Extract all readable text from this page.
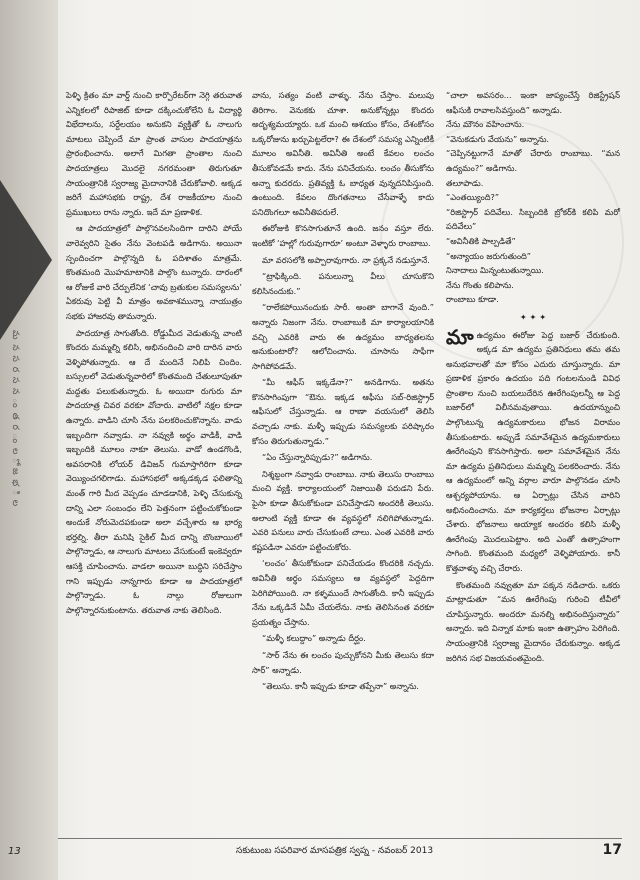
మ న స ర స న ం త ర ం ల ో జ భ ి ల

పెళ్ళి క్రితం మా వార్డ్ నుంచి కార్పొరేటర్‌గా నెగ్గి తరువాత ఎన్నికలలో రిపాజిట్ కూడా దక్కించుకోలేని ఓ విద్యార్థి విభేదాలను, సర్దేలయం అనుకని వ్యక్తితో ఓ నాలుగు మాటలు చెప్పిందే మా ప్రాంత వాసుల పాదయాత్రను ప్రారంభించాను. అలాగే మిగతా ప్రాంతాల నుంచి పాదయాత్రలు మొదలై నగరమంతా తిరుగుతూ సాయంత్రానికి స్వరాజ్య మైదానానికి చేరుకోవాలి. అక్కడ జరిగే మహాసభకు రాష్ట్ర, దేశ రాజకీయాల నుంచి ప్రముఖులు రాను న్నారు. ఇదే మా ప్రణాళిక.

ఆ పాదయాత్రలో పాల్గొనవలసిందిగా దారిని పోయే వారెవ్వరిని సైతం నేను వెంటపడి అడిగాను. అయినా స్పందించగా పాల్గొన్నది ఓ పదిశాతం మాత్రమే. కొంతమంది మొహమాటానికి పాల్గొం టున్నారు. దారంలో ఆ రోజుకే వారి చేర్పులేనిక ‘చావు బ్రతుకుల సమస్యలను’ ఏకరువు పెట్టి వీ మాత్రం అవకాశమున్నా నాయుత్రం సభకు హాజరవు తామన్నారు.

పాదయాత్ర సాగుతోంది. రోడ్డుమీద వెడుతున్న వాంటి కొందరు మమ్మల్ని కలిసి, అభినందించి వారి దారిన వారు వెళ్ళిపోతున్నారు. ఆ దే మందినే నిలిపి చిందిం. బస్సులలో వెడుతున్నవారిలో కొంతమంది చేతులూపుతూ మద్దతు పలుకుతున్నారు. ఓ అయిదా రుగురు మా పాదయాత్ర చివర వరకూ వోచారు. వాటిలో నక్షల కూడా ఉన్నారు. వాడిని చూసి నేను పలకరించుకొన్నాను. వాడు ఇబ్బందిగా నవ్వాడు. నా నవ్వుకి అర్థం వాడికీ, వాడి ఇబ్బందికి మూలం నాకూ తెలుసు. వాడో ఉండగొండి, అవసరానికి లోయర్ డివిజన్ గుమాస్తాగిరిగా కూడా వెయ్యించగలిగాడు. మహాసభలో అక్కడక్కడ ఫలితాన్ని మంత్ గారి మీద వెప్పడం చూడడానికి, పెళ్ళి చేసుకున్న దాన్ని ఎలా సంబంధం లేని పెత్తనంగా పట్టించుకోకుండా అందుకే నోరుమెదపకుండా అలా వచ్చేశారు ఆ భార్య భర్తల్ని. తీరా మనిషి సైకిల్ మీద దాన్ని బొంబాయిలో పాల్గొన్నాడు, ఆ నాలుగు మాటలు వేసుకుంటే ఇంకెవ్వరూ ఆసక్తి చూపించాను. వాడలా అయినా బుద్ధిని సరిచేస్తాం గాని ఇప్పుడు నాన్నగారు కూడా ఆ పాదయాత్రలో పాల్గొన్నాడు. ఓ నాల్గు రోజులుగా పాల్గొన్నారనుకుంటాను. తరువాత నాకు తెలిసింది.

వాను, సత్యం వంటి వాళ్ళు. నేను చేస్తాం. మలుపు తిరిగాం. వెనుకకు చూశా. అనుకోన్నట్లు కొందరు అదృశ్యమయ్యారు. ఒక మంచి ఆశయం కోసం, దేశంకోసం ఒక్కరోజును ఖర్చుపెట్టలేరా? ఈ దేశంలో సమస్య ఎన్నింటికీ మూలం అవినీతి. అవినీతి అంటే కేవలం లంచం తీసుకోవడమే కాదు. నేను పనిచేయను. లంచం తీసుకోను అన్నా కుదరదు. ప్రతివ్యక్తి ఓ బాధ్యత వున్నదనిపిస్తుంది. ఉంటుంది. కేవలం దొంగతనాలు చేసేవాళ్ళే కాదు పనిదొంగలూ అవినీతిపరులే.

ఈరోజుకి కొనసాగుతూనే ఉంది. జనం వస్తూ లేరు. ఇంటికో ‘హల్లో గురువుగారూ’ అంటూ వెళ్ళారు రాంబాబు.

మా వరసలోకి అప్పారావుగారు. నా ప్రక్కనే నడుస్తూనే.

“ట్రాఫిక్కింది. పనులున్నా వీలు చూసుకొని కలిసినందుకు.”

“రాలేకపోయినందుకు సారీ. అంతా బాగానే వుంది.” అన్నారు నిజంగా నేను. రాంబాబుకి మా కార్యాలయానికి వచ్చి ఎవరికి వారు ఈ ఉద్యమం బాధ్యతలను అనుకుంటారో? ఆలోచించాను. చూసాను సాఫీగా సాగిపోవడమే.

“మీ ఆఫీస్ ఇక్కడేనా?” అనడిగాను. అతను కొనసాగింపుగా “ఔను. ఇక్కడ ఆఫీసు సబ్-రిజిస్ట్రార్ ఆఫీసులో చేస్తున్నాడు. ఆ రాణా వయసులో తెలిసి వచ్చాడు నాకు. మళ్ళీ ఇప్పుడు సమస్యలకు పరిష్కారం కోసం తిరుగుతున్నాడు.”

“ఏం చేస్తున్నారిప్పుడు?” అడిగాను.

నిశ్శబ్దంగా నవ్వాడు రాంబాబు. నాకు తెలుసు రాంబాబు మంచి వ్యక్తి. కార్యాలయంలో నిజాయితీ పరుడని పేరు. పైసా కూడా తీసుకోకుండా పనిచేస్తాడని అందరికీ తెలుసు. అలాంటి వ్యక్తి కూడా ఈ వ్యవస్థలో నలిగిపోతున్నాడు. ఎవరి పనులు వారు చేసుకుంటే చాలు. ఎంత ఎవరికి వారు కష్టపడినా ఎవరూ పట్టించుకోరు.

‘లంచం’ తీసుకోకుండా పనిచేయడం కొందరికి నచ్చదు. అవినీతి అర్థం సమస్యలు ఆ వ్యవస్థలో పెద్దదిగా పెరిగిపోయింది. నా కళ్ళముందే సాగుతోంది. కానీ ఇప్పుడు నేను ఒక్కడినే ఏమీ చేయలేను. నాకు తెలిసినంత వరకూ ప్రయత్నం చేస్తాను.

“మళ్ళీ కలుద్దాం” అన్నాడు దీర్ఘం.

“సార్ నేను ఈ లంచం పుచ్చుకోనని మీకు తెలుసు కదా సార్” అన్నాడు.

“తెలుసు. కానీ ఇప్పుడు కూడా తప్పేనా” అన్నాను.

“చాలా అవసరం... ఇంకా జాప్యంచేస్తే రిజిస్ట్రేషన్ ఆఫీసుకి రావాలసివస్తుంది” అన్నాడు.

నేను మౌనం వహించాను.

“వెనుకడుగు వేయను” అన్నాను.

“చెప్పినట్టుగానే మాతో చేరారు రాంబాబు. “మన ఉద్యమం?” అడిగాను.

తలూపాడు.

“ఎంతయ్యింది?”

“రిజిస్ట్రార్ పదివేలు. సిబ్బందికి బ్రోకర్‌కి కలిపి మరో పదివేలు”

“అవినీతికి పాల్పడితే”

“అన్యాయం జరుగుతుంది”

నినాదాలు మిన్నంటుతున్నాయి.

నేను గొంతు కలిపాను.

రాంబాబు కూడా.

✦ ✦ ✦

మాఉద్యమం ఈరోజు పెద్ద బజార్ చేరుకుంది. అక్కడ మా ఉద్యమ ప్రతినిధులు తమ తమ అనుభవాలతో మా కోసం ఎదురు చూస్తున్నారు. మా ప్రణాళిక ప్రకారం ఉదయం పది గంటలనుండి వివిధ ప్రాంతాల నుంచి బయలుదేరిన ఊరేగింపులన్నీ ఆ పెద్ద బజార్‌లో విలీనమవుతాయి. ఉదయాన్నుంచి పాల్గొంటున్న ఉద్యమకారులు భోజన విరామం తీసుకుంటారు. అప్పుడే సమావేశమైన ఉద్యమకారులు ఊరేగింపుని కొనసాగిస్తారు. అలా సమావేశమైన నేను మా ఉద్యమ ప్రతినిధులు మమ్మల్ని పలకరించారు. నేను ఆ ఉద్యమంలో అన్ని వర్గాల వారూ పాల్గొనడం చూసి ఆశ్చర్యపోయాను. ఆ ఏర్పాట్లు చేసిన వారిని అభినందించాను. మా కార్యకర్తలు భోజనాల ఏర్పాట్లు చేశారు. భోజనాలు అయ్యాక అందరం కలిసి మళ్ళీ ఊరేగింపు మొదలుపెట్టాం. అది ఎంతో ఉత్సాహంగా సాగింది. కొంతమంది మధ్యలో వెళ్ళిపోయారు. కానీ కొత్తవాళ్ళు వచ్చి చేరారు.

కొంతమంది నవ్వుతూ మా పక్కన నడిచారు. ఒకరు మాట్లాడుతూ “మన ఊరేగింపు గురించి టీవీలో చూపిస్తున్నారు. అందరూ మనల్ని అభినందిస్తున్నారు” అన్నారు. ఇది విన్నాక మాకు ఇంకా ఉత్సాహం పెరిగింది. సాయంత్రానికి స్వరాజ్య మైదానం చేరుకున్నాం. అక్కడ జరిగిన సభ విజయవంతమైంది.

13	సకుటుంబ సపరివార మాసపత్రిక స్వప్న - నవంబర్ 2013	17
